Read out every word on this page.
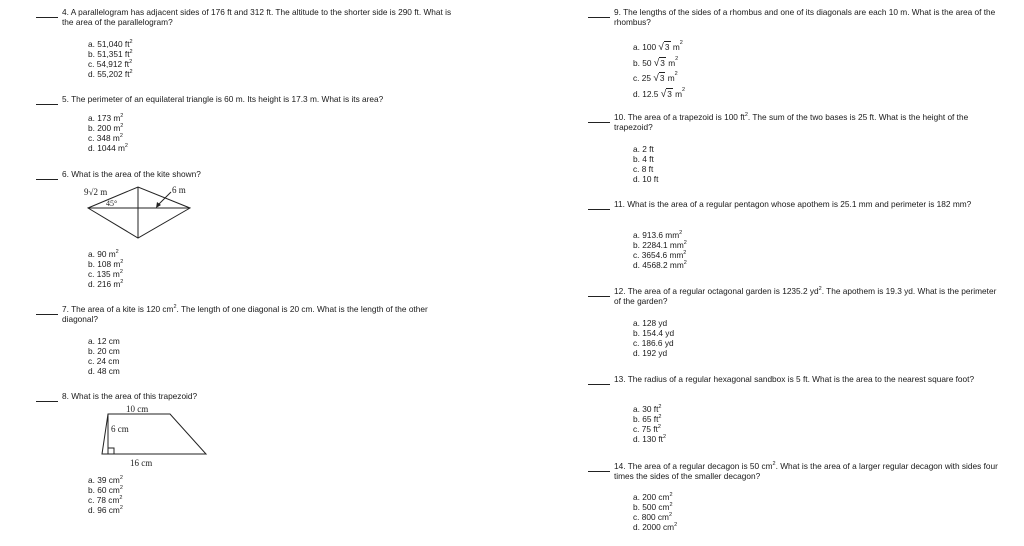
4. A parallelogram has adjacent sides of 176 ft and 312 ft. The altitude to the shorter side is 290 ft. What is the area of the parallelogram?
a. 51,040 $ft^2$
b. 51,351 $ft^2$
c. 54,912 $ft^2$
d. 55,202 $ft^2$
5. The perimeter of an equilateral triangle is 60 m. Its height is 17.3 m. What is its area?
a. 173 $m^2$
b. 200 $m^2$
c. 348 $m^2$
d. 1044 $m^2$
6. What is the area of the kite shown?
9√2 m	6 m
45°
a. 90 $m^2$
b. 108 $m^2$
c. 135 $m^2$
d. 216 $m^2$
7. The area of a kite is 120 $cm^2$. The length of one diagonal is 20 cm. What is the length of the other diagonal?
a. 12 cm
b. 20 cm
c. 24 cm
d. 48 cm
8. What is the area of this trapezoid?
10 cm
6 cm
16 cm
a. 39 $cm^2$
b. 60 $cm^2$
c. 78 $cm^2$
d. 96 $cm^2$
9. The lengths of the sides of a rhombus and one of its diagonals are each 10 m. What is the area of the rhombus?
a. 100 √3 $m^2$
b. 50 √3 $m^2$
c. 25 √3 $m^2$
d. 12.5 √3 $m^2$
10. The area of a trapezoid is 100 $ft^2$. The sum of the two bases is 25 ft. What is the height of the trapezoid?
a. 2 ft
b. 4 ft
c. 8 ft
d. 10 ft
11. What is the area of a regular pentagon whose apothem is 25.1 mm and perimeter is 182 mm?
a. 913.6 $mm^2$
b. 2284.1 $mm^2$
c. 3654.6 $mm^2$
d. 4568.2 $mm^2$
12. The area of a regular octagonal garden is 1235.2 $yd^2$. The apothem is 19.3 yd. What is the perimeter of the garden?
a. 128 yd
b. 154.4 yd
c. 186.6 yd
d. 192 yd
13. The radius of a regular hexagonal sandbox is 5 ft. What is the area to the nearest square foot?
a. 30 $ft^2$
b. 65 $ft^2$
c. 75 $ft^2$
d. 130 $ft^2$
14. The area of a regular decagon is 50 $cm^2$. What is the area of a larger regular decagon with sides four times the sides of the smaller decagon?
a. 200 $cm^2$
b. 500 $cm^2$
c. 800 $cm^2$
d. 2000 $cm^2$
